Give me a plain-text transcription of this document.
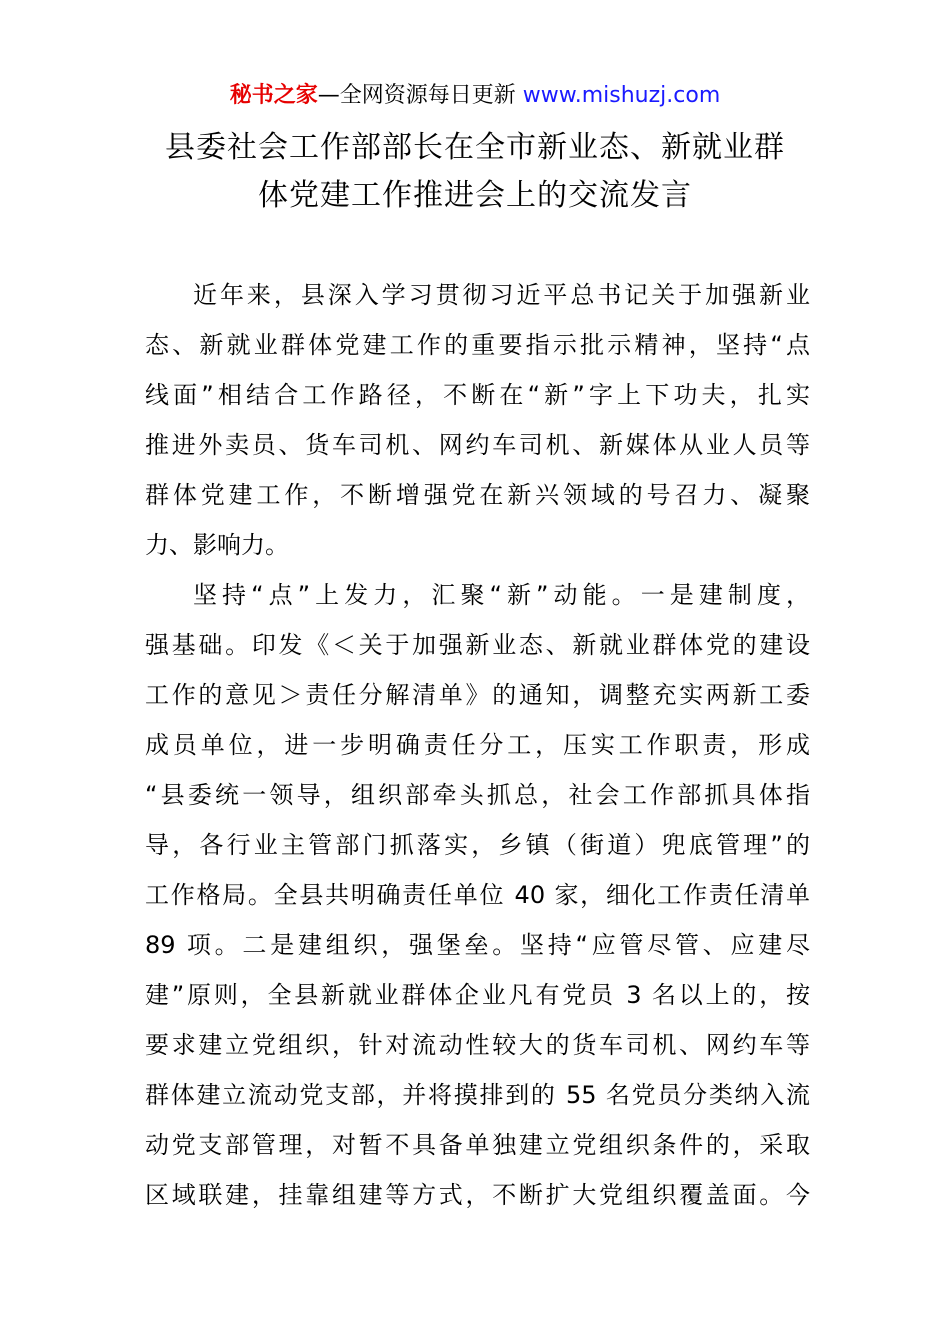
秘书之家—全网资源每日更新 www.mishuzj.com
县委社会工作部部长在全市新业态、新就业群
体党建工作推进会上的交流发言
近年来，县深入学习贯彻习近平总书记关于加强新业
态、新就业群体党建工作的重要指示批示精神，坚持“点
线面”相结合工作路径，不断在“新”字上下功夫，扎实
推进外卖员、货车司机、网约车司机、新媒体从业人员等
群体党建工作，不断增强党在新兴领域的号召力、凝聚
力、影响力。
坚持“点”上发力，汇聚“新”动能。一是建制度，
强基础。印发《＜关于加强新业态、新就业群体党的建设
工作的意见＞责任分解清单》的通知，调整充实两新工委
成员单位，进一步明确责任分工，压实工作职责，形成
“县委统一领导，组织部牵头抓总，社会工作部抓具体指
导，各行业主管部门抓落实，乡镇（街道）兜底管理”的
工作格局。全县共明确责任单位 40 家，细化工作责任清单
89 项。二是建组织，强堡垒。坚持“应管尽管、应建尽
建”原则，全县新就业群体企业凡有党员 3 名以上的，按
要求建立党组织，针对流动性较大的货车司机、网约车等
群体建立流动党支部，并将摸排到的 55 名党员分类纳入流
动党支部管理，对暂不具备单独建立党组织条件的，采取
区域联建，挂靠组建等方式，不断扩大党组织覆盖面。今
